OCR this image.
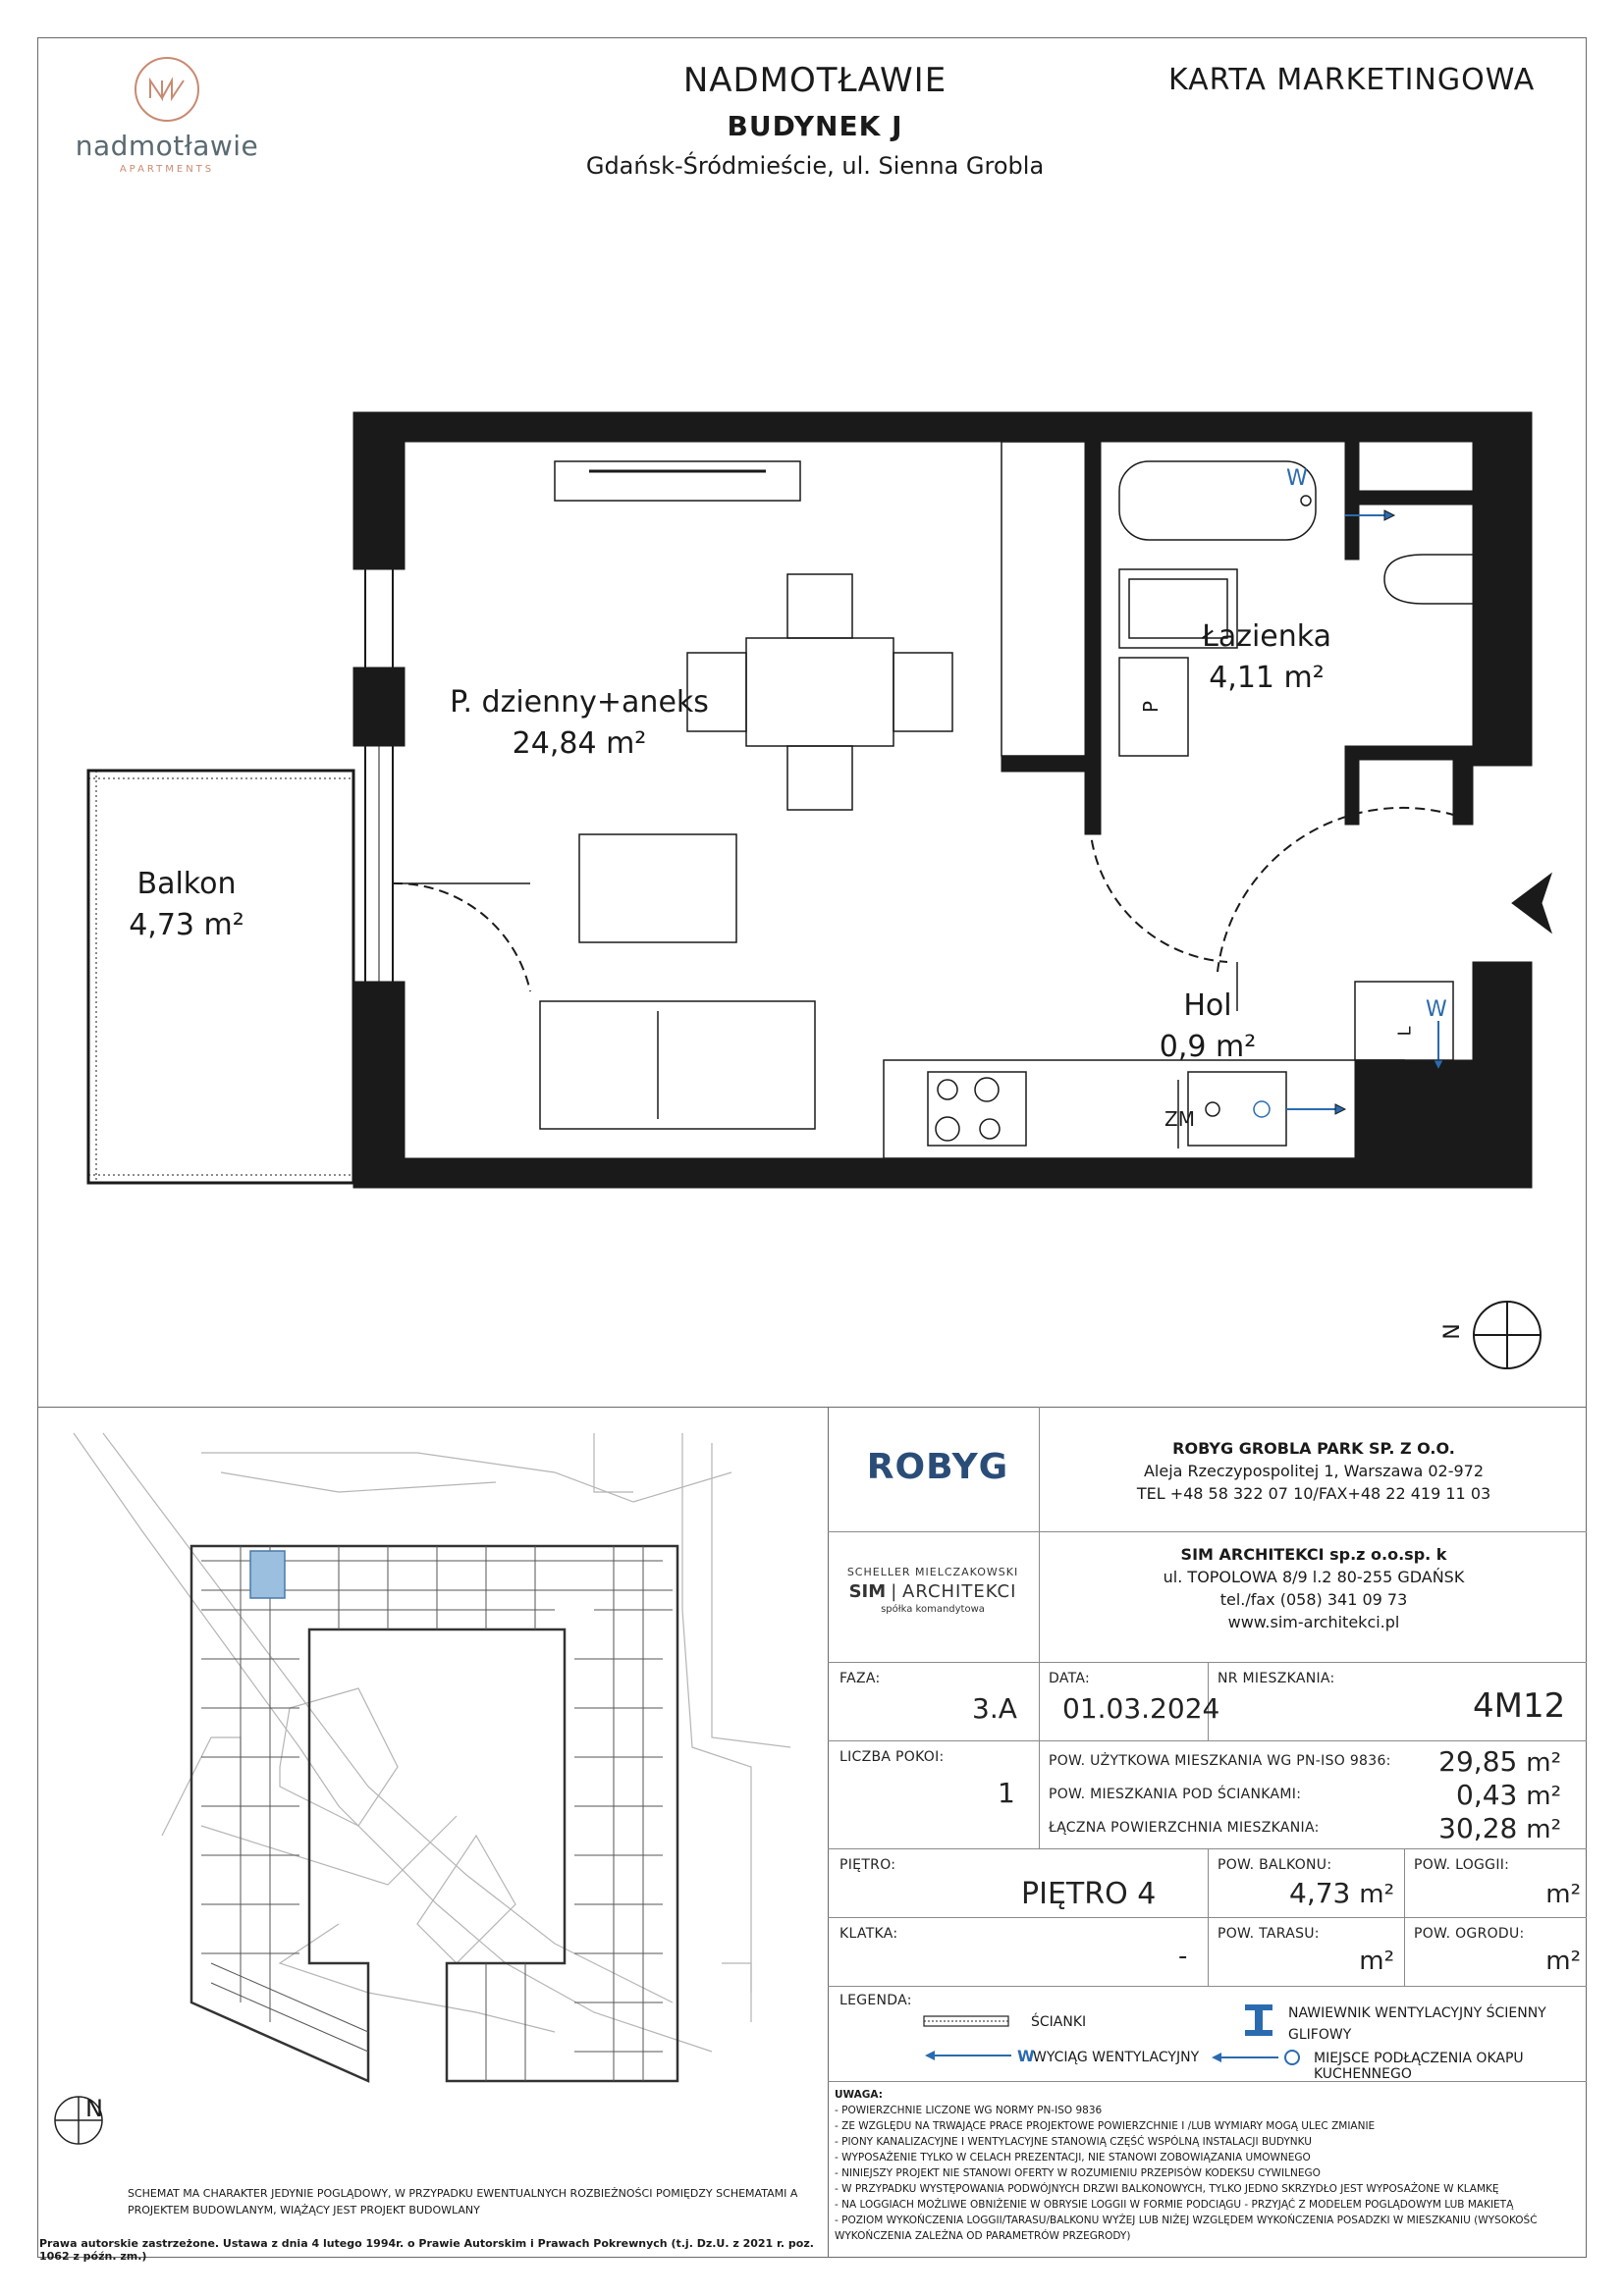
nadmotławie
APARTMENTS
NADMOTŁAWIE
BUDYNEK J
Gdańsk-Śródmieście, ul. Sienna Grobla
KARTA MARKETINGOWA
P. dzienny+aneks
24,84 m²
Łazienka
4,11 m²
Hol
0,9 m²
Balkon
4,73 m²
W
P
W
L
ZM
N
N
SCHEMAT MA CHARAKTER JEDYNIE POGLĄDOWY, W PRZYPADKU EWENTUALNYCH ROZBIEŻNOŚCI POMIĘDZY SCHEMATAMI A PROJEKTEM BUDOWLANYM, WIĄŻĄCY JEST PROJEKT BUDOWLANY
Prawa autorskie zastrzeżone. Ustawa z dnia 4 lutego 1994r. o Prawie Autorskim i Prawach Pokrewnych (t.j. Dz.U. z 2021 r. poz. 1062 z późn. zm.)
ROBYG	ROBYG GROBLA PARK SP. Z O.O.
Aleja Rzeczypospolitej 1, Warszawa 02-972
TEL +48 58 322 07 10/FAX+48 22 419 11 03
SCHELLER MIELCZAKOWSKI
SIM | ARCHITEKCI
spółka komandytowa
SIM ARCHITEKCI sp.z o.o.sp. k
ul. TOPOLOWA 8/9 l.2 80-255 GDAŃSK
tel./fax (058) 341 09 73
www.sim-architekci.pl
FAZA:
3.A
DATA:
01.03.2024
NR MIESZKANIA:
4M12
LICZBA POKOI:
1
POW. UŻYTKOWA MIESZKANIA WG PN-ISO 9836:	29,85 m²
POW. MIESZKANIA POD ŚCIANKAMI:	0,43 m²
ŁĄCZNA POWIERZCHNIA MIESZKANIA:	30,28 m²
PIĘTRO:
PIĘTRO 4
POW. BALKONU:
4,73 m²
POW. LOGGII:
m²
KLATKA:
-
POW. TARASU:
m²
POW. OGRODU:
m²
LEGENDA:
ŚCIANKI
W
WYCIĄG WENTYLACYJNY
NAWIEWNIK WENTYLACYJNY ŚCIENNY GLIFOWY
MIEJSCE PODŁĄCZENIA OKAPU KUCHENNEGO
UWAGA:
- POWIERZCHNIE LICZONE WG NORMY PN-ISO 9836
- ZE WZGLĘDU NA TRWAJĄCE PRACE PROJEKTOWE POWIERZCHNIE I /LUB WYMIARY MOGĄ ULEC ZMIANIE
- PIONY KANALIZACYJNE I WENTYLACYJNE STANOWIĄ CZĘŚĆ WSPÓLNĄ INSTALACJI BUDYNKU
- WYPOSAŻENIE TYLKO W CELACH PREZENTACJI, NIE STANOWI ZOBOWIĄZANIA UMOWNEGO
- NINIEJSZY PROJEKT NIE STANOWI OFERTY W ROZUMIENIU PRZEPISÓW KODEKSU CYWILNEGO
- W PRZYPADKU WYSTĘPOWANIA PODWÓJNYCH DRZWI BALKONOWYCH, TYLKO JEDNO SKRZYDŁO JEST WYPOSAŻONE W KLAMKĘ
- NA LOGGIACH MOŻLIWE OBNIŻENIE W OBRYSIE LOGGII W FORMIE PODCIĄGU - PRZYJĄĆ Z MODELEM POGLĄDOWYM LUB MAKIETĄ
- POZIOM WYKOŃCZENIA LOGGII/TARASU/BALKONU WYŻEJ LUB NIŻEJ WZGLĘDEM WYKOŃCZENIA POSADZKI W MIESZKANIU (WYSOKOŚĆ WYKOŃCZENIA ZALEŻNA OD PARAMETRÓW PRZEGRODY)
